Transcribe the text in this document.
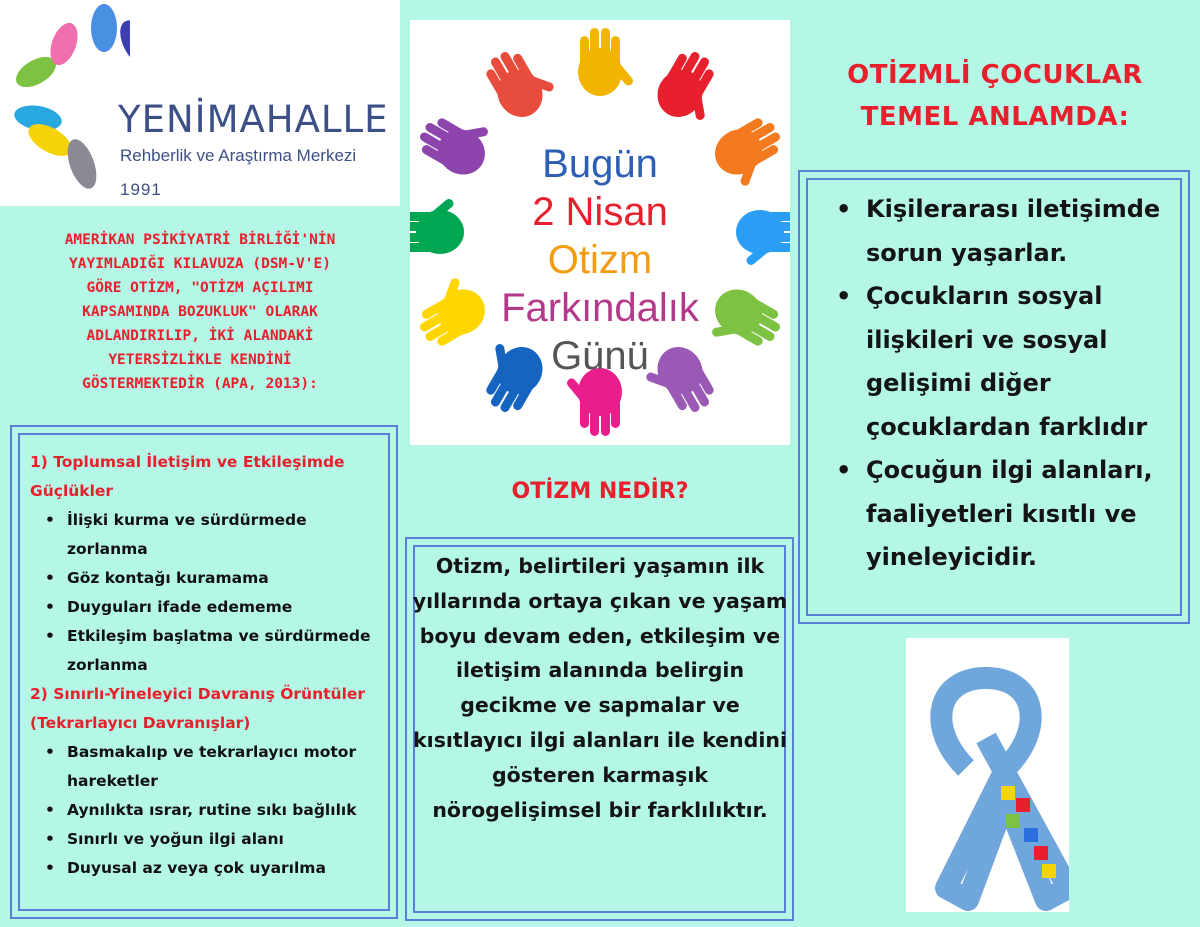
YENİMAHALLE
Rehberlik ve Araştırma Merkezi
1991
AMERİKAN PSİKİYATRİ BİRLİĞİ'NİN
YAYIMLADIĞI KILAVUZA (DSM-V'E)
GÖRE OTİZM, "OTİZM AÇILIMI
KAPSAMINDA BOZUKLUK" OLARAK
ADLANDIRILIP, İKİ ALANDAKİ
YETERSİZLİKLE KENDİNİ
GÖSTERMEKTEDİR (APA, 2013):
1) Toplumsal İletişim ve Etkileşimde Güçlükler
• İlişki kurma ve sürdürmede zorlanma
• Göz kontağı kuramama
• Duyguları ifade edememe
• Etkileşim başlatma ve sürdürmede zorlanma
2) Sınırlı-Yineleyici Davranış Örüntüler (Tekrarlayıcı Davranışlar)
• Basmakalıp ve tekrarlayıcı motor hareketler
• Aynılıkta ısrar, rutine sıkı bağlılık
• Sınırlı ve yoğun ilgi alanı
• Duyusal az veya çok uyarılma
Bugün
2 Nisan
Otizm
Farkındalık
Günü
OTİZM NEDİR?
Otizm, belirtileri yaşamın ilk yıllarında ortaya çıkan ve yaşam boyu devam eden, etkileşim ve iletişim alanında belirgin gecikme ve sapmalar ve kısıtlayıcı ilgi alanları ile kendini gösteren karmaşık nörogelişimsel bir farklılıktır.
OTİZMLİ ÇOCUKLAR
TEMEL ANLAMDA:
• Kişilerarası iletişimde sorun yaşarlar.
• Çocukların sosyal ilişkileri ve sosyal gelişimi diğer çocuklardan farklıdır
• Çocuğun ilgi alanları, faaliyetleri kısıtlı ve yineleyicidir.
